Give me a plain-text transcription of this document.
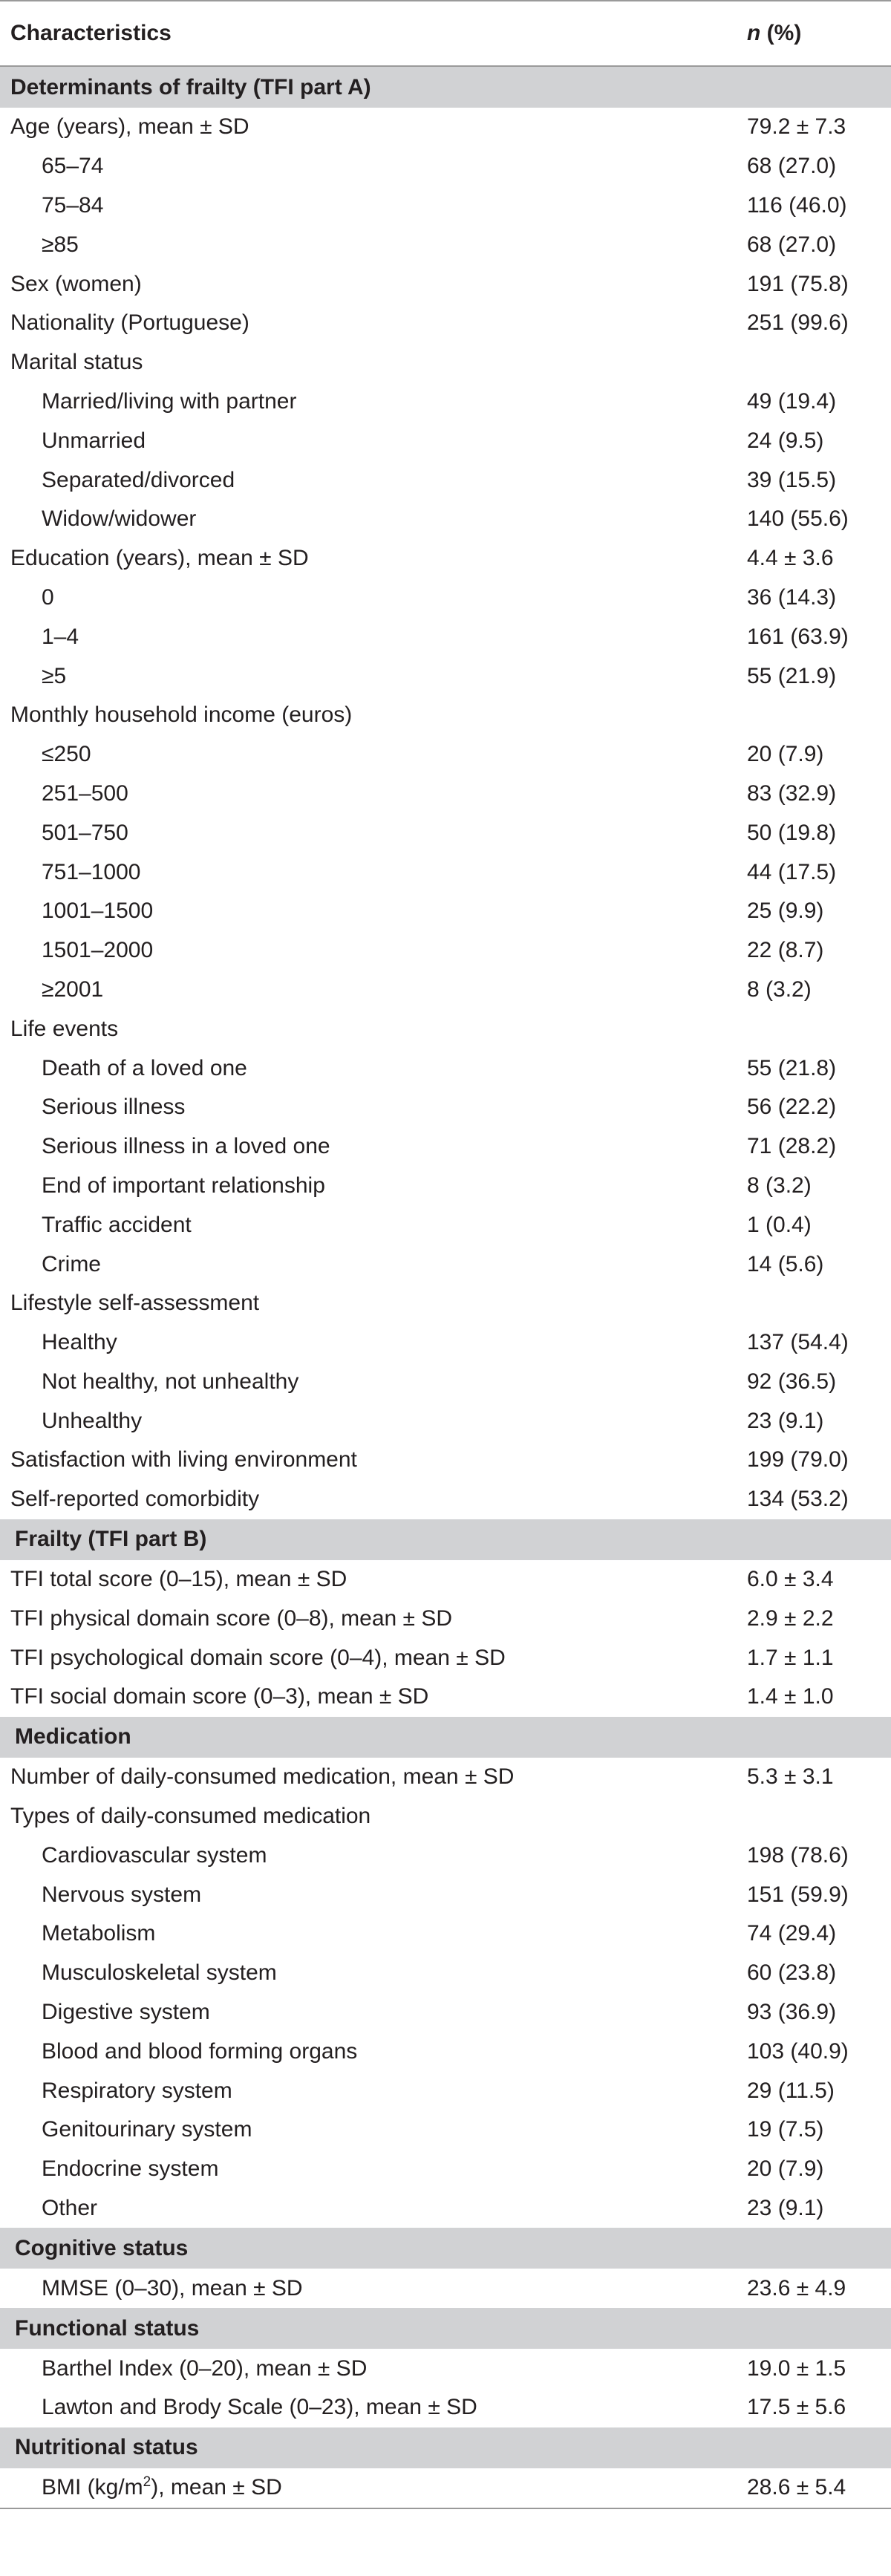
Characteristics	n (%)
Determinants of frailty (TFI part A)	
Age (years), mean ± SD	79.2 ± 7.3
65–74	68 (27.0)
75–84	116 (46.0)
≥85	68 (27.0)
Sex (women)	191 (75.8)
Nationality (Portuguese)	251 (99.6)
Marital status	
Married/living with partner	49 (19.4)
Unmarried	24 (9.5)
Separated/divorced	39 (15.5)
Widow/widower	140 (55.6)
Education (years), mean ± SD	4.4 ± 3.6
0	36 (14.3)
1–4	161 (63.9)
≥5	55 (21.9)
Monthly household income (euros)	
≤250	20 (7.9)
251–500	83 (32.9)
501–750	50 (19.8)
751–1000	44 (17.5)
1001–1500	25 (9.9)
1501–2000	22 (8.7)
≥2001	8 (3.2)
Life events	
Death of a loved one	55 (21.8)
Serious illness	56 (22.2)
Serious illness in a loved one	71 (28.2)
End of important relationship	8 (3.2)
Traffic accident	1 (0.4)
Crime	14 (5.6)
Lifestyle self-assessment	
Healthy	137 (54.4)
Not healthy, not unhealthy	92 (36.5)
Unhealthy	23 (9.1)
Satisfaction with living environment	199 (79.0)
Self-reported comorbidity	134 (53.2)
Frailty (TFI part B)	
TFI total score (0–15), mean ± SD	6.0 ± 3.4
TFI physical domain score (0–8), mean ± SD	2.9 ± 2.2
TFI psychological domain score (0–4), mean ± SD	1.7 ± 1.1
TFI social domain score (0–3), mean ± SD	1.4 ± 1.0
Medication	
Number of daily-consumed medication, mean ± SD	5.3 ± 3.1
Types of daily-consumed medication	
Cardiovascular system	198 (78.6)
Nervous system	151 (59.9)
Metabolism	74 (29.4)
Musculoskeletal system	60 (23.8)
Digestive system	93 (36.9)
Blood and blood forming organs	103 (40.9)
Respiratory system	29 (11.5)
Genitourinary system	19 (7.5)
Endocrine system	20 (7.9)
Other	23 (9.1)
Cognitive status	
MMSE (0–30), mean ± SD	23.6 ± 4.9
Functional status	
Barthel Index (0–20), mean ± SD	19.0 ± 1.5
Lawton and Brody Scale (0–23), mean ± SD	17.5 ± 5.6
Nutritional status	
BMI $(kg/m^2)$, mean ± SD	28.6 ± 5.4
